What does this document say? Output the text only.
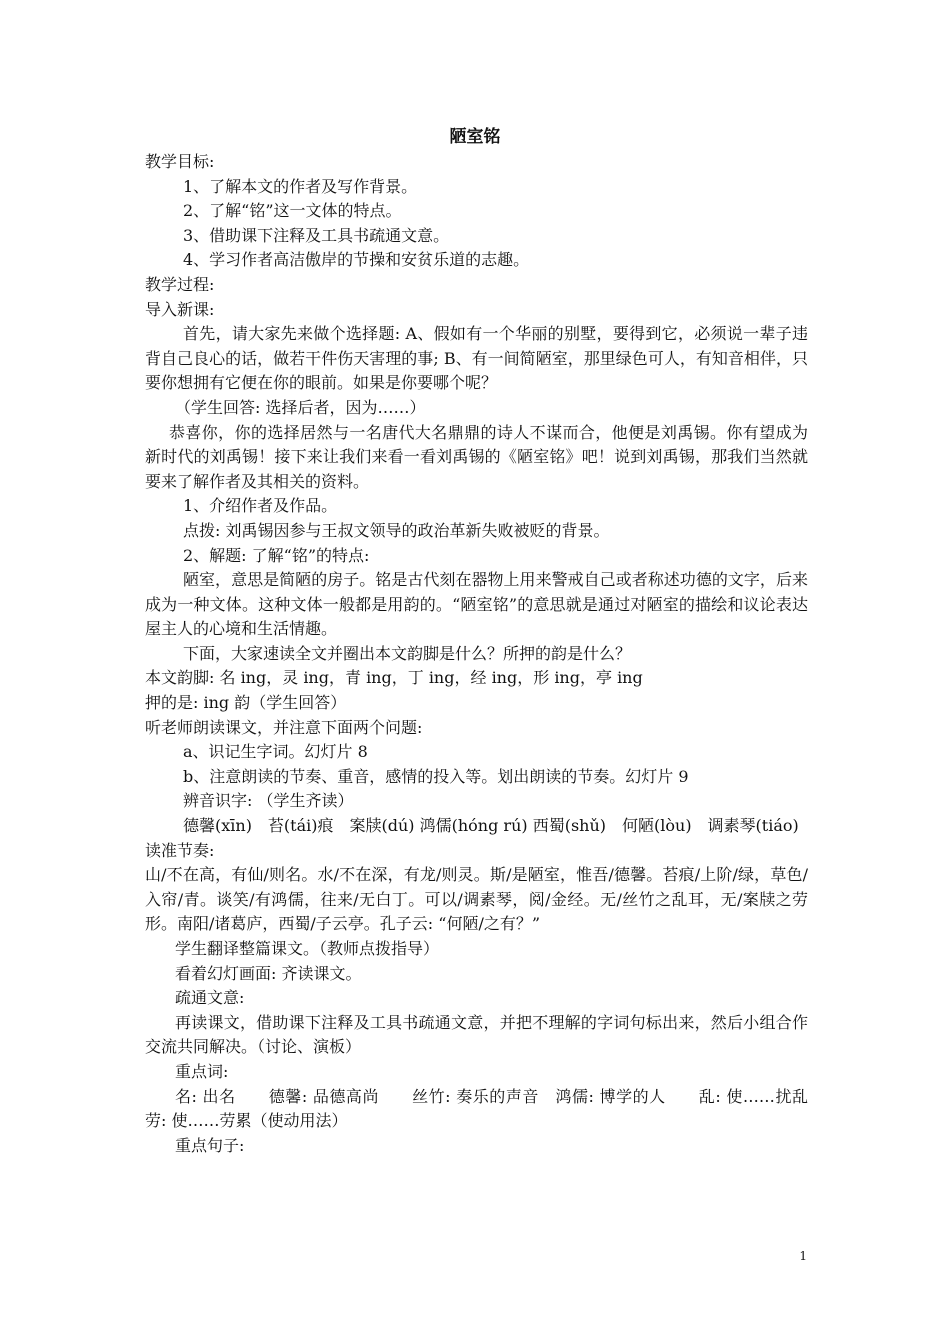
陋室铭

教学目标:

1、了解本文的作者及写作背景。

2、了解“铭”这一文体的特点。

3、借助课下注释及工具书疏通文意。

4、学习作者高洁傲岸的节操和安贫乐道的志趣。

教学过程:

导入新课:

首先，请大家先来做个选择题: A、假如有一个华丽的别墅，要得到它，必须说一辈子违背自己良心的话，做若干件伤天害理的事; B、有一间简陋室，那里绿色可人，有知音相伴，只要你想拥有它便在你的眼前。如果是你要哪个呢？

（学生回答: 选择后者，因为……）

恭喜你，你的选择居然与一名唐代大名鼎鼎的诗人不谋而合，他便是刘禹锡。你有望成为新时代的刘禹锡！接下来让我们来看一看刘禹锡的《陋室铭》吧！说到刘禹锡，那我们当然就要来了解作者及其相关的资料。

1、介绍作者及作品。

点拨: 刘禹锡因参与王叔文领导的政治革新失败被贬的背景。

2、解题: 了解“铭”的特点:

陋室，意思是简陋的房子。铭是古代刻在器物上用来警戒自己或者称述功德的文字，后来成为一种文体。这种文体一般都是用韵的。“陋室铭”的意思就是通过对陋室的描绘和议论表达屋主人的心境和生活情趣。

下面，大家速读全文并圈出本文韵脚是什么？所押的韵是什么？

本文韵脚: 名 ing，灵 ing，青 ing，丁 ing，经 ing，形 ing，亭 ing

押的是: ing 韵（学生回答）

听老师朗读课文，并注意下面两个问题:

a、识记生字词。幻灯片 8

b、注意朗读的节奏、重音，感情的投入等。划出朗读的节奏。幻灯片 9

辨音识字: （学生齐读）

德馨(xīn)　苔(tái)痕　案牍(dú) 鸿儒(hóng rú) 西蜀(shǔ)　何陋(lòu)　调素琴(tiáo)

读准节奏:

山/不在高，有仙/则名。水/不在深，有龙/则灵。斯/是陋室，惟吾/德馨。苔痕/上阶/绿，草色/入帘/青。谈笑/有鸿儒，往来/无白丁。可以/调素琴，阅/金经。无/丝竹之乱耳，无/案牍之劳形。南阳/诸葛庐，西蜀/子云亭。孔子云: “何陋/之有？”

学生翻译整篇课文。（教师点拨指导）

看着幻灯画面: 齐读课文。

疏通文意:

再读课文，借助课下注释及工具书疏通文意，并把不理解的字词句标出来，然后小组合作交流共同解决。（讨论、演板）

重点词:

名: 出名　　德馨: 品德高尚　　丝竹: 奏乐的声音　鸿儒: 博学的人　　乱: 使……扰乱 劳: 使……劳累（使动用法）

重点句子:

1
